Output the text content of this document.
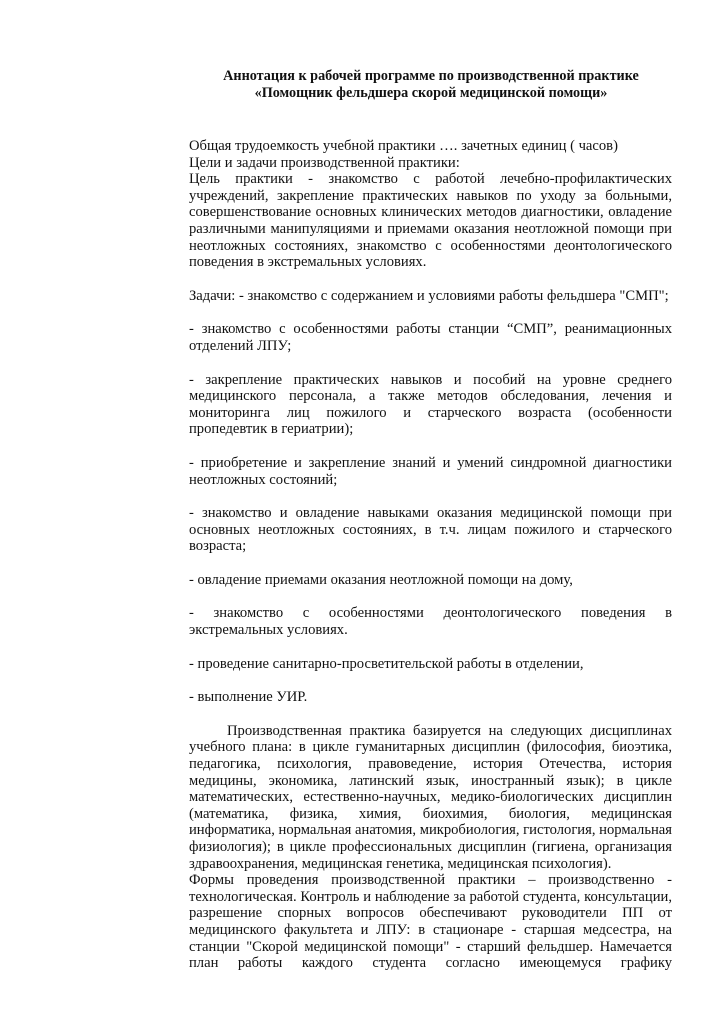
Аннотация к рабочей программе по производственной практике
«Помощник фельдшера скорой медицинской помощи»

Общая трудоемкость учебной практики …. зачетных единиц ( часов)

Цели и задачи производственной практики:

Цель практики - знакомство с работой лечебно-профилактических учреждений, закрепление практических навыков по уходу за больными, совершенствование основных клинических методов диагностики, овладение различными манипуляциями и приемами оказания неотложной помощи при неотложных состояниях, знакомство с особенностями деонтологического поведения в экстремальных условиях.

Задачи: - знакомство с содержанием и условиями работы фельдшера "СМП";

- знакомство с особенностями работы станции “СМП”, реанимационных отделений ЛПУ;

- закрепление практических навыков и пособий на уровне среднего медицинского персонала, а также методов обследования, лечения и мониторинга лиц пожилого и старческого возраста (особенности пропедевтик в гериатрии);

- приобретение и закрепление знаний и умений синдромной диагностики неотложных состояний;

- знакомство и овладение навыками оказания медицинской помощи при основных неотложных состояниях, в т.ч. лицам пожилого и старческого возраста;

- овладение приемами оказания неотложной помощи на дому,

- знакомство с особенностями деонтологического поведения в экстремальных условиях.

- проведение санитарно-просветительской работы в отделении,

- выполнение УИР.

Производственная практика базируется на следующих дисциплинах учебного плана: в цикле гуманитарных дисциплин (философия, биоэтика, педагогика, психология, правоведение, история Отечества, история медицины, экономика, латинский язык, иностранный язык); в цикле математических, естественно-научных, медико-биологических дисциплин (математика, физика, химия, биохимия, биология, медицинская информатика, нормальная анатомия, микробиология, гистология, нормальная физиология); в цикле профессиональных дисциплин (гигиена, организация здравоохранения, медицинская генетика, медицинская психология).

Формы проведения производственной практики – производственно - технологическая. Контроль и наблюдение за работой студента, консультации, разрешение спорных вопросов обеспечивают руководители ПП от медицинского факультета и ЛПУ: в стационаре - старшая медсестра, на станции "Скорой медицинской помощи" - старший фельдшер. Намечается план работы каждого студента согласно имеющемуся графику
